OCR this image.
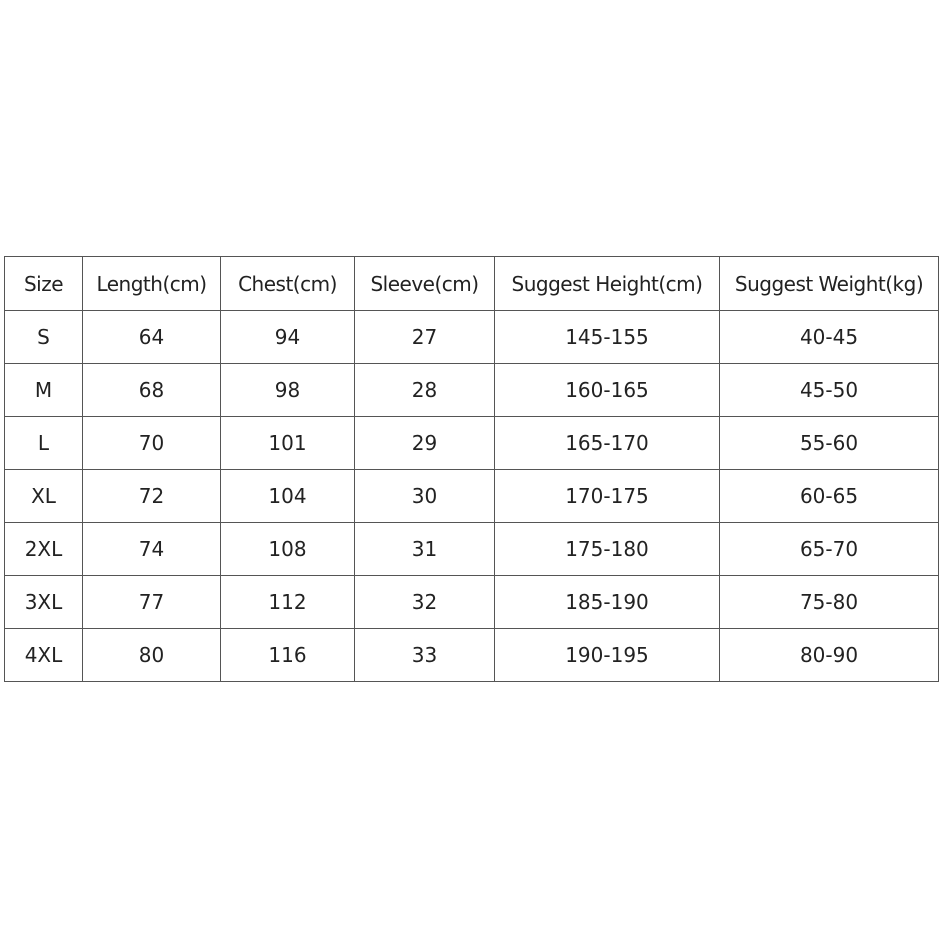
Size	Length(cm)	Chest(cm)	Sleeve(cm)	Suggest Height(cm)	Suggest Weight(kg)
S	64	94	27	145-155	40-45
M	68	98	28	160-165	45-50
L	70	101	29	165-170	55-60
XL	72	104	30	170-175	60-65
2XL	74	108	31	175-180	65-70
3XL	77	112	32	185-190	75-80
4XL	80	116	33	190-195	80-90
